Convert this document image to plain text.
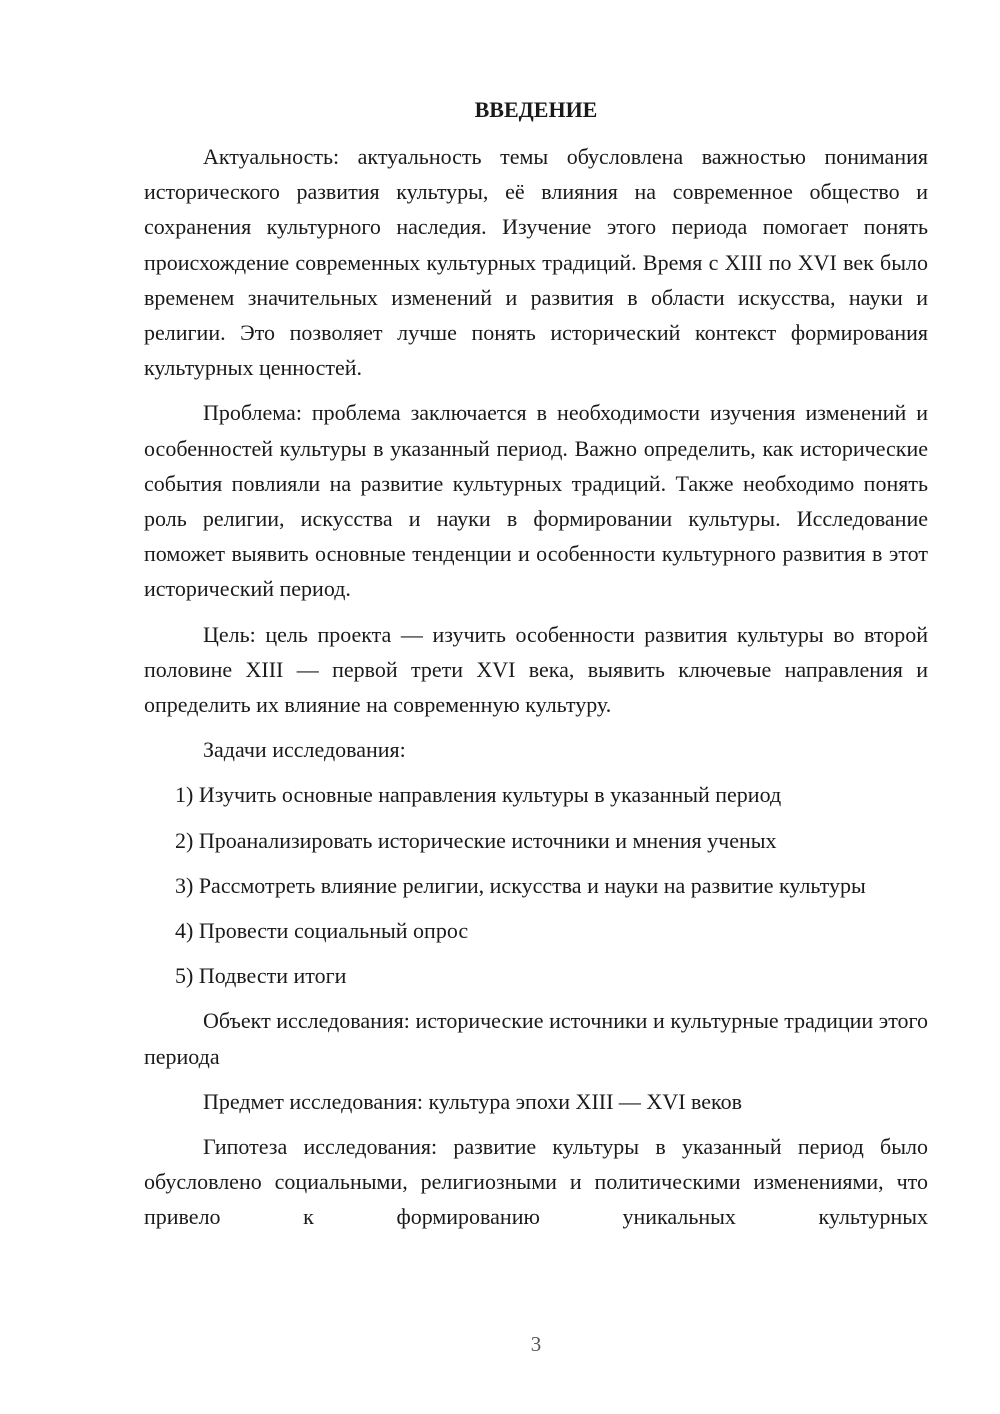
ВВЕДЕНИЕ

Актуальность: актуальность темы обусловлена важностью понимания исторического развития культуры, её влияния на современное общество и сохранения культурного наследия. Изучение этого периода помогает понять происхождение современных культурных традиций. Время с XIII по XVI век было временем значительных изменений и развития в области искусства, науки и религии. Это позволяет лучше понять исторический контекст формирования культурных ценностей.

Проблема: проблема заключается в необходимости изучения изменений и особенностей культуры в указанный период. Важно определить, как исторические события повлияли на развитие культурных традиций. Также необходимо понять роль религии, искусства и науки в формировании культуры. Исследование поможет выявить основные тенденции и особенности культурного развития в этот исторический период.

Цель: цель проекта — изучить особенности развития культуры во второй половине XIII — первой трети XVI века, выявить ключевые направления и определить их влияние на современную культуру.

Задачи исследования:

1) Изучить основные направления культуры в указанный период

2) Проанализировать исторические источники и мнения ученых

3) Рассмотреть влияние религии, искусства и науки на развитие культуры

4) Провести социальный опрос

5) Подвести итоги

Объект исследования: исторические источники и культурные традиции этого периода

Предмет исследования: культура эпохи XIII — XVI веков

Гипотеза исследования: развитие культуры в указанный период было обусловлено социальными, религиозными и политическими изменениями, что привело к формированию уникальных культурных

3
